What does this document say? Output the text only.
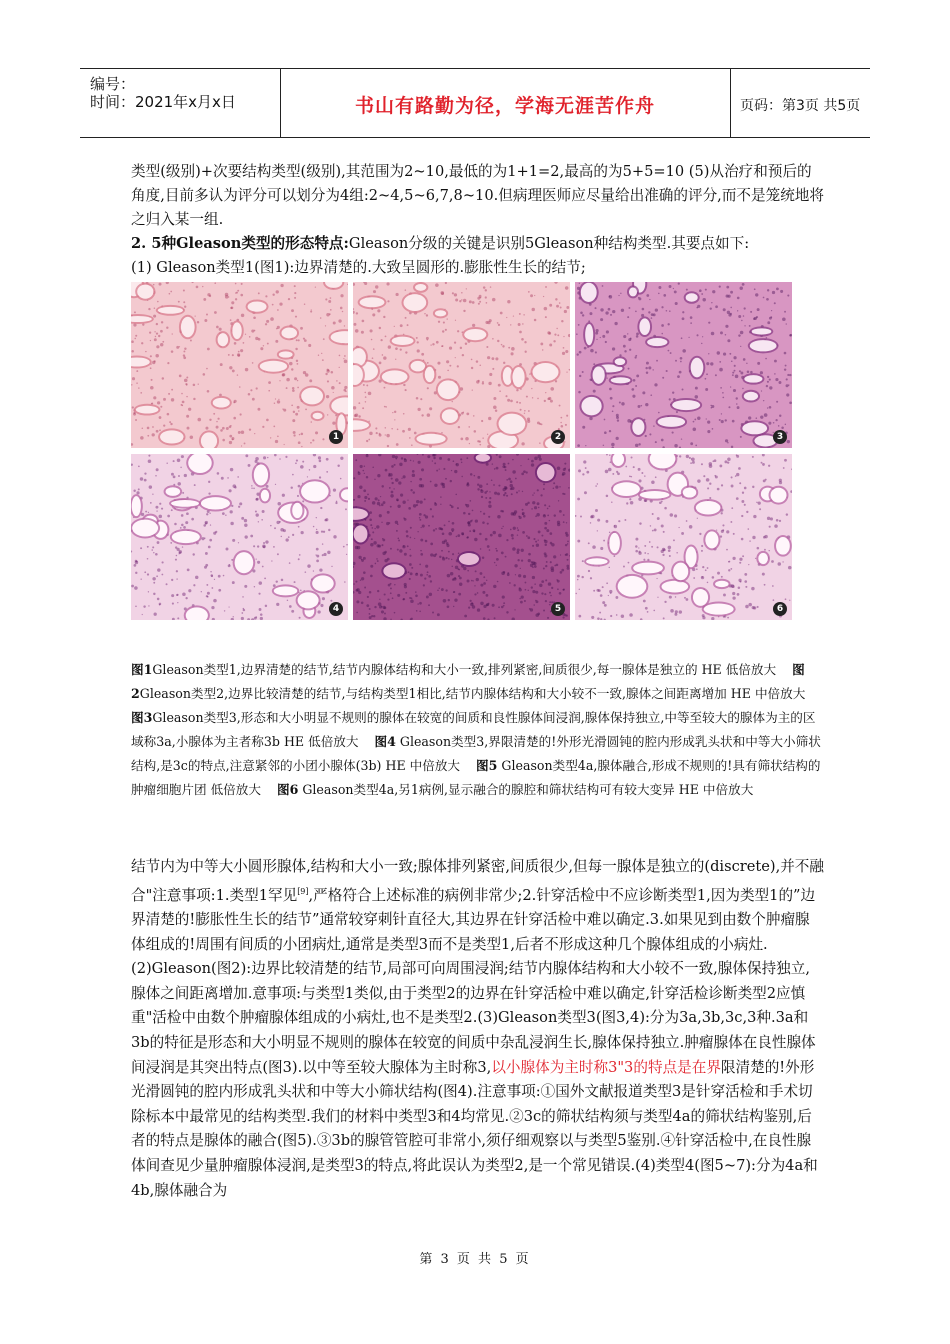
编号：
时间：2021年x月x日	书山有路勤为径，学海无涯苦作舟	页码：第3页 共5页
类型(级别)+次要结构类型(级别),其范围为2~10,最低的为1+1=2,最高的为5+5=10 (5)从治疗和预后的角度,目前多认为评分可以划分为4组:2~4,5~6,7,8~10.但病理医师应尽量给出准确的评分,而不是笼统地将之归入某一组.
2. 5种Gleason类型的形态特点:Gleason分级的关键是识别5Gleason种结构类型.其要点如下:
(1) Gleason类型1(图1):边界清楚的.大致呈圆形的.膨胀性生长的结节;
1	2	3
4	5	6
图1Gleason类型1,边界清楚的结节,结节内腺体结构和大小一致,排列紧密,间质很少,每一腺体是独立的 HE 低倍放大 图2Gleason类型2,边界比较清楚的结节,与结构类型1相比,结节内腺体结构和大小较不一致,腺体之间距离增加 HE 中倍放大    图3Gleason类型3,形态和大小明显不规则的腺体在较宽的间质和良性腺体间浸润,腺体保持独立,中等至较大的腺体为主的区域称3a,小腺体为主者称3b HE 低倍放大 图4 Gleason类型3,界限清楚的!外形光滑圆钝的腔内形成乳头状和中等大小筛状结构,是3c的特点,注意紧邻的小团小腺体(3b) HE 中倍放大 图5 Gleason类型4a,腺体融合,形成不规则的!具有筛状结构的肿瘤细胞片团 低倍放大 图6 Gleason类型4a,另1病例,显示融合的腺腔和筛状结构可有较大变异 HE 中倍放大
结节内为中等大小圆形腺体,结构和大小一致;腺体排列紧密,间质很少,但每一腺体是独立的(discrete),并不融合"注意事项:1.类型1罕见[9],严格符合上述标准的病例非常少;2.针穿活检中不应诊断类型1,因为类型1的”边界清楚的!膨胀性生长的结节”通常较穿刺针直径大,其边界在针穿活检中难以确定.3.如果见到由数个肿瘤腺体组成的!周围有间质的小团病灶,通常是类型3而不是类型1,后者不形成这种几个腺体组成的小病灶. (2)Gleason(图2):边界比较清楚的结节,局部可向周围浸润;结节内腺体结构和大小较不一致,腺体保持独立,腺体之间距离增加.意事项:与类型1类似,由于类型2的边界在针穿活检中难以确定,针穿活检诊断类型2应慎重"活检中由数个肿瘤腺体组成的小病灶,也不是类型2.(3)Gleason类型3(图3,4):分为3a,3b,3c,3种.3a和3b的特征是形态和大小明显不规则的腺体在较宽的间质中杂乱浸润生长,腺体保持独立.肿瘤腺体在良性腺体间浸润是其突出特点(图3).以中等至较大腺体为主时称3,以小腺体为主时称3"3的特点是在界限清楚的!外形光滑圆钝的腔内形成乳头状和中等大小筛状结构(图4).注意事项:①国外文献报道类型3是针穿活检和手术切除标本中最常见的结构类型.我们的材料中类型3和4均常见.②3c的筛状结构须与类型4a的筛状结构鉴别,后者的特点是腺体的融合(图5).③3b的腺管管腔可非常小,须仔细观察以与类型5鉴别.④针穿活检中,在良性腺体间查见少量肿瘤腺体浸润,是类型3的特点,将此误认为类型2,是一个常见错误.(4)类型4(图5~7):分为4a和4b,腺体融合为
第 3 页 共 5 页
